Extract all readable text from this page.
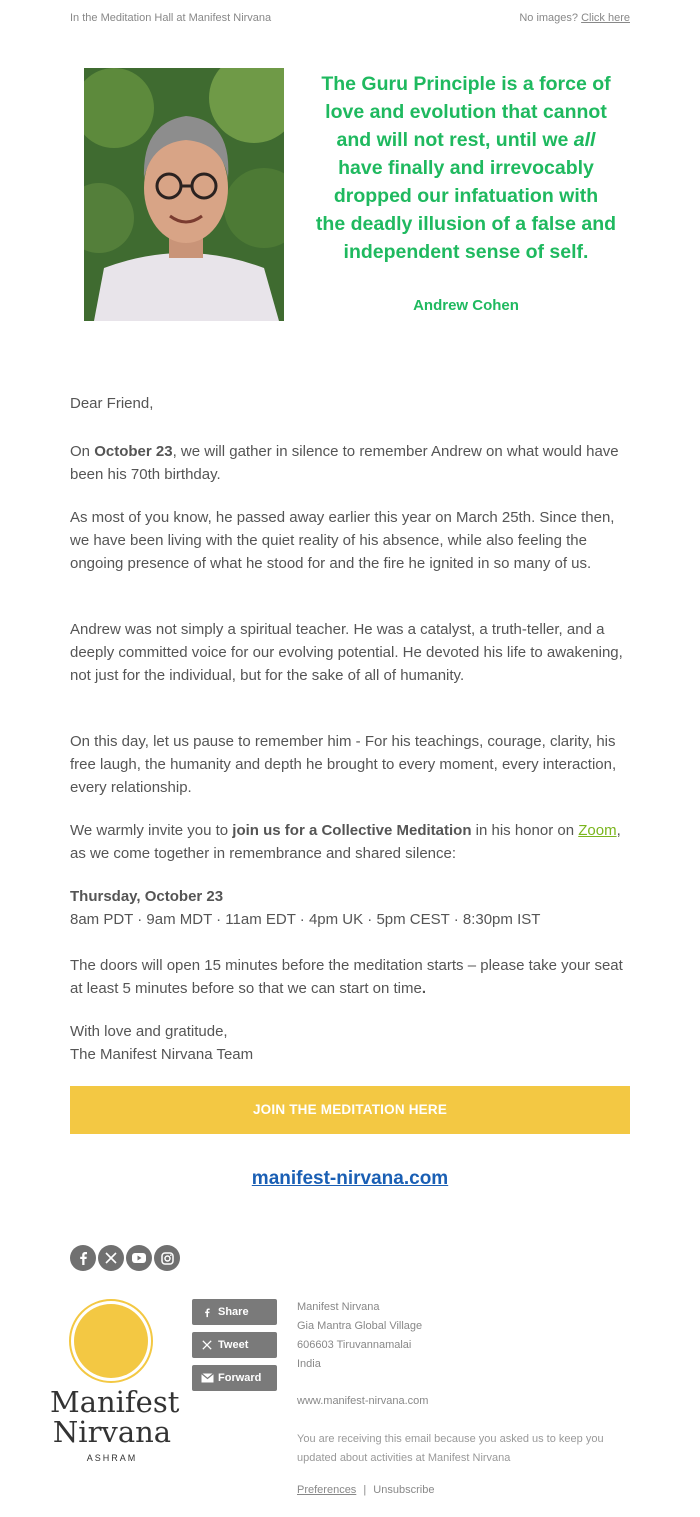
In the Meditation Hall at Manifest Nirvana	No images? Click here
The Guru Principle is a force of
love and evolution that cannot
and will not rest, until we all
have finally and irrevocably
dropped our infatuation with
the deadly illusion of a false and
independent sense of self.
Andrew Cohen
Dear Friend,
On October 23, we will gather in silence to remember Andrew on what would have been his 70th birthday.
As most of you know, he passed away earlier this year on March 25th. Since then, we have been living with the quiet reality of his absence, while also feeling the ongoing presence of what he stood for and the fire he ignited in so many of us.
Andrew was not simply a spiritual teacher. He was a catalyst, a truth-teller, and a deeply committed voice for our evolving potential. He devoted his life to awakening, not just for the individual, but for the sake of all of humanity.
On this day, let us pause to remember him - For his teachings, courage, clarity, his free laugh, the humanity and depth he brought to every moment, every interaction, every relationship.
We warmly invite you to join us for a Collective Meditation in his honor on Zoom, as we come together in remembrance and shared silence:
Thursday, October 23
8am PDT · 9am MDT · 11am EDT · 4pm UK · 5pm CEST · 8:30pm IST
The doors will open 15 minutes before the meditation starts – please take your seat at least 5 minutes before so that we can start on time.
With love and gratitude,
The Manifest Nirvana Team
JOIN THE MEDITATION HERE
manifest-nirvana.com
Manifest
Nirvana
ASHRAM
Share
Tweet
Forward
Manifest Nirvana
Gia Mantra Global Village
606603 Tiruvannamalai
India
www.manifest-nirvana.com
You are receiving this email because you asked us to keep you updated about activities at Manifest Nirvana
Preferences | Unsubscribe
